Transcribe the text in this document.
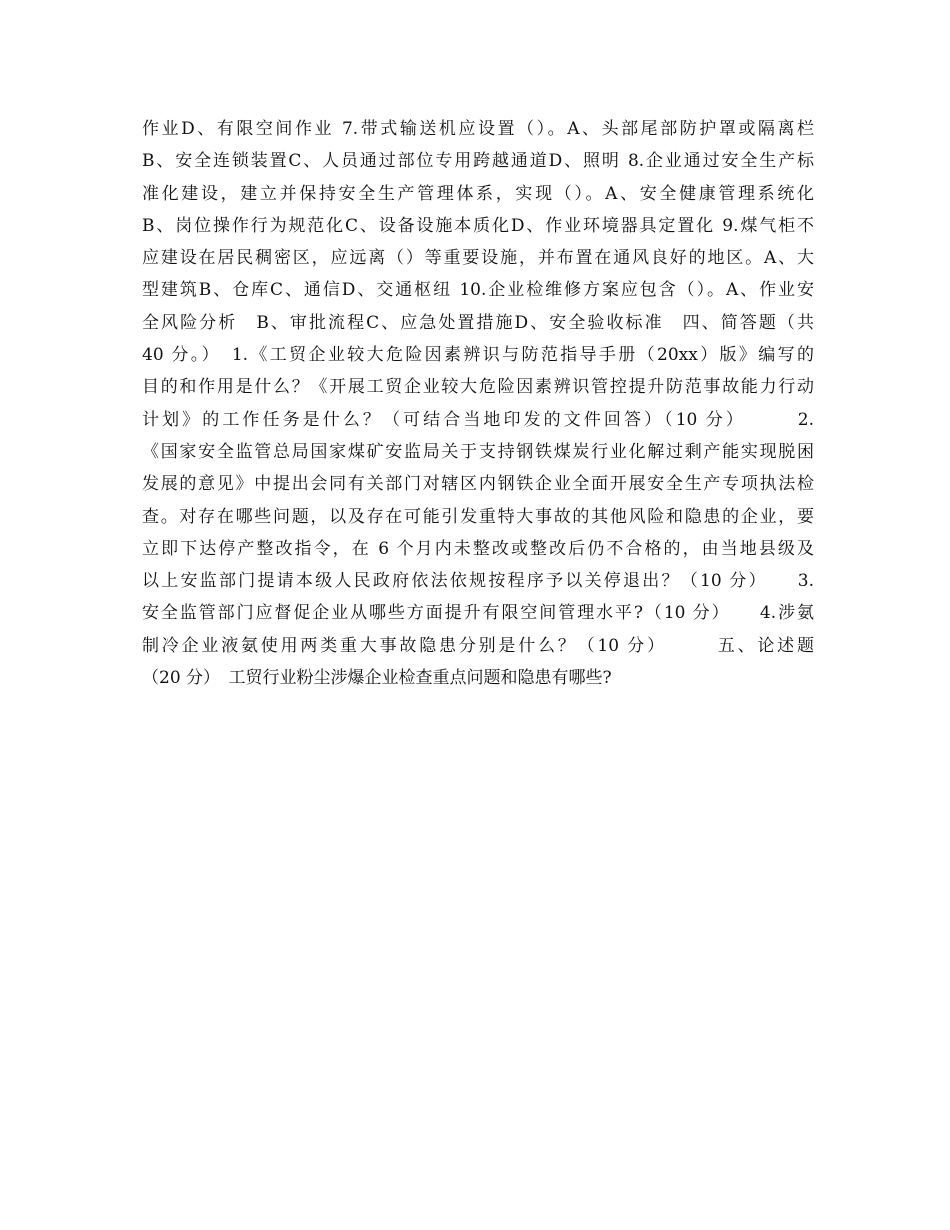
作业D、有限空间作业 7.带式输送机应设置（）。A、头部尾部防护罩或隔离栏
B、安全连锁装置C、人员通过部位专用跨越通道D、照明 8.企业通过安全生产标
准化建设，建立并保持安全生产管理体系，实现（）。A、安全健康管理系统化
B、岗位操作行为规范化C、设备设施本质化D、作业环境器具定置化 9.煤气柜不
应建设在居民稠密区，应远离（）等重要设施，并布置在通风良好的地区。A、大
型建筑B、仓库C、通信D、交通枢纽 10.企业检维修方案应包含（）。A、作业安
全风险分析　B、审批流程C、应急处置措施D、安全验收标准　四、简答题（共
40 分。）　1.《工贸企业较大危险因素辨识与防范指导手册（20xx）版》编写的
目的和作用是什么？《开展工贸企业较大危险因素辨识管控提升防范事故能力行动
计划》的工作任务是什么？（可结合当地印发的文件回答）（10 分）　　　2.
《国家安全监管总局国家煤矿安监局关于支持钢铁煤炭行业化解过剩产能实现脱困
发展的意见》中提出会同有关部门对辖区内钢铁企业全面开展安全生产专项执法检
查。对存在哪些问题，以及存在可能引发重特大事故的其他风险和隐患的企业，要
立即下达停产整改指令，在 6 个月内未整改或整改后仍不合格的，由当地县级及
以上安监部门提请本级人民政府依法依规按程序予以关停退出？（10 分）　　3.
安全监管部门应督促企业从哪些方面提升有限空间管理水平?（10 分）　　4.涉氨
制冷企业液氨使用两类重大事故隐患分别是什么？（10 分）　　　五、论述题
（20 分）　工贸行业粉尘涉爆企业检查重点问题和隐患有哪些?
